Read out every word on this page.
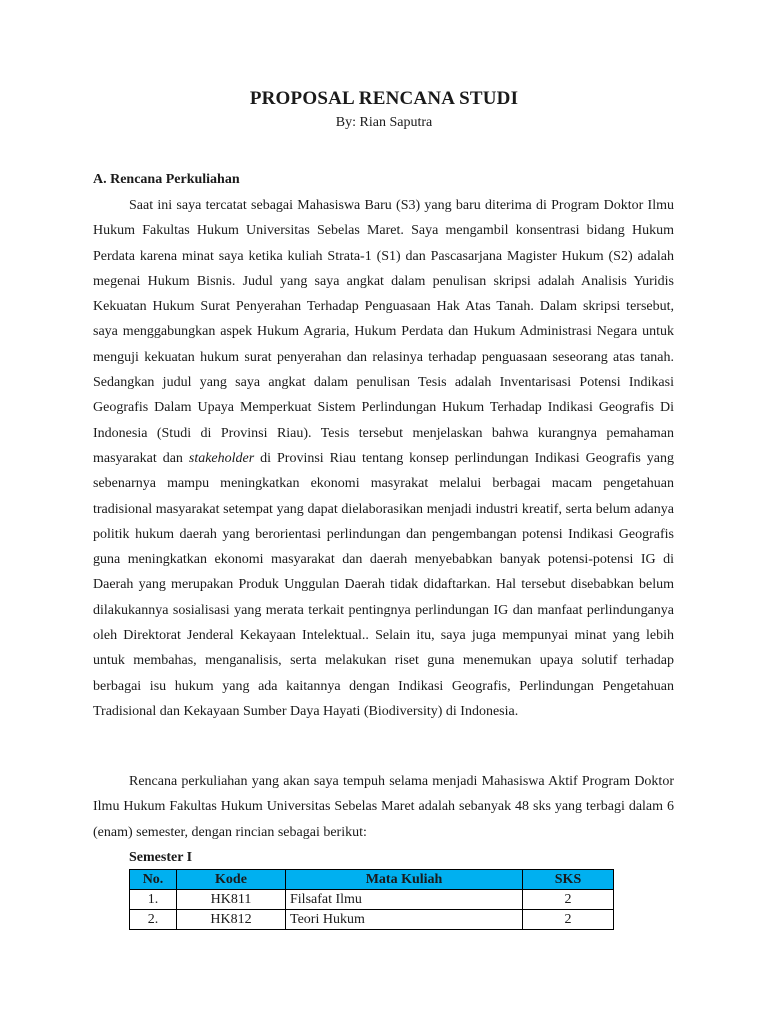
PROPOSAL RENCANA STUDI
By: Rian Saputra
A. Rencana Perkuliahan

Saat ini saya tercatat sebagai Mahasiswa Baru (S3) yang baru diterima di Program Doktor Ilmu Hukum Fakultas Hukum Universitas Sebelas Maret. Saya mengambil konsentrasi bidang Hukum Perdata karena minat saya ketika kuliah Strata-1 (S1) dan Pascasarjana Magister Hukum (S2) adalah megenai Hukum Bisnis. Judul yang saya angkat dalam penulisan skripsi adalah Analisis Yuridis Kekuatan Hukum Surat Penyerahan Terhadap Penguasaan Hak Atas Tanah. Dalam skripsi tersebut, saya menggabungkan aspek Hukum Agraria, Hukum Perdata dan Hukum Administrasi Negara untuk menguji kekuatan hukum surat penyerahan dan relasinya terhadap penguasaan seseorang atas tanah. Sedangkan judul yang saya angkat dalam penulisan Tesis adalah Inventarisasi Potensi Indikasi Geografis Dalam Upaya Memperkuat Sistem Perlindungan Hukum Terhadap Indikasi Geografis Di Indonesia (Studi di Provinsi Riau). Tesis tersebut menjelaskan bahwa kurangnya pemahaman masyarakat dan stakeholder di Provinsi Riau tentang konsep perlindungan Indikasi Geografis yang sebenarnya mampu meningkatkan ekonomi masyrakat melalui berbagai macam pengetahuan tradisional masyarakat setempat yang dapat dielaborasikan menjadi industri kreatif, serta belum adanya politik hukum daerah yang berorientasi perlindungan dan pengembangan potensi Indikasi Geografis guna meningkatkan ekonomi masyarakat dan daerah menyebabkan banyak potensi-potensi IG di Daerah yang merupakan Produk Unggulan Daerah tidak didaftarkan. Hal tersebut disebabkan belum dilakukannya sosialisasi yang merata terkait pentingnya perlindungan IG dan manfaat perlindunganya oleh Direktorat Jenderal Kekayaan Intelektual.. Selain itu, saya juga mempunyai minat yang lebih untuk membahas, menganalisis, serta melakukan riset guna menemukan upaya solutif terhadap berbagai isu hukum yang ada kaitannya dengan Indikasi Geografis, Perlindungan Pengetahuan Tradisional dan Kekayaan Sumber Daya Hayati (Biodiversity) di Indonesia.

Rencana perkuliahan yang akan saya tempuh selama menjadi Mahasiswa Aktif Program Doktor Ilmu Hukum Fakultas Hukum Universitas Sebelas Maret adalah sebanyak 48 sks yang terbagi dalam 6 (enam) semester, dengan rincian sebagai berikut:

Semester I
No.	Kode	Mata Kuliah	SKS
1.	HK811	Filsafat Ilmu	2
2.	HK812	Teori Hukum	2
